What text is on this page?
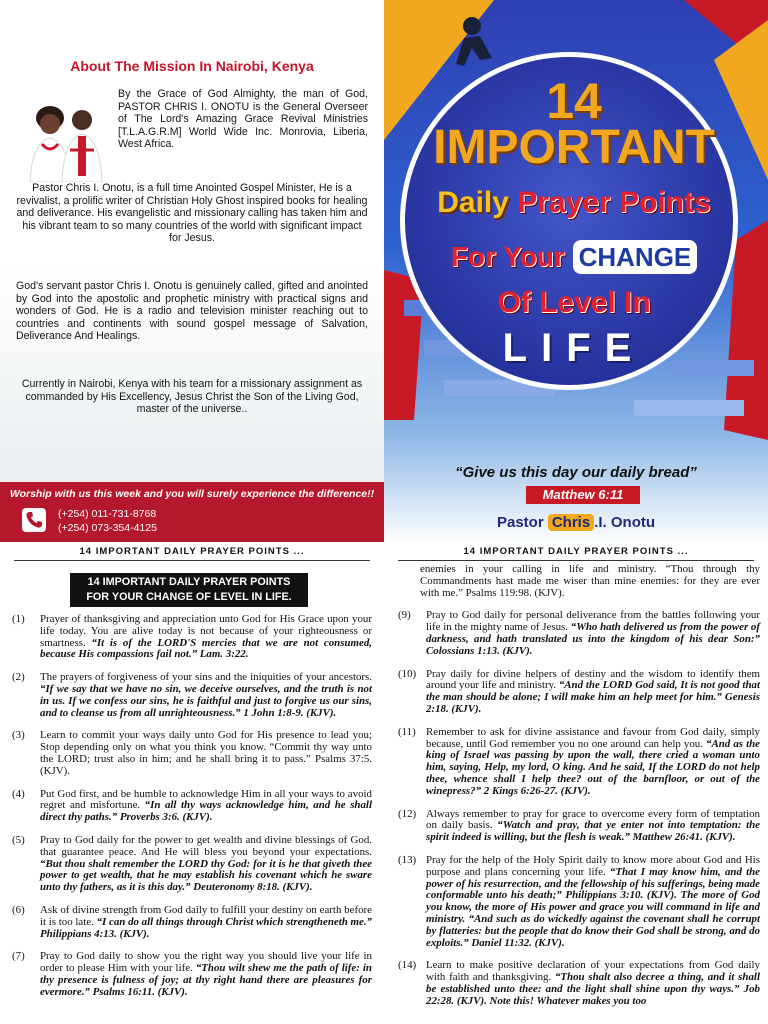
About The Mission In Nairobi, Kenya
By the Grace of God Almighty, the man of God, PASTOR CHRIS I. ONOTU is the General Overseer of The Lord's Amazing Grace Revival Ministries [T.L.A.G.R.M] World Wide Inc. Monrovia, Liberia, West Africa.
Pastor Chris I. Onotu, is a full time Anointed Gospel Minister, He is a revivalist, a prolific writer of Christian Holy Ghost inspired books for healing and deliverance. His evangelistic and missionary calling has taken him and his vibrant team to so many countries of the world with significant impact for Jesus.
God's servant pastor Chris I. Onotu is genuinely called, gifted and anointed by God into the apostolic and prophetic ministry with practical signs and wonders of God. He is a radio and television minister reaching out to countries and continents with sound gospel message of Salvation, Deliverance And Healings.
Currently in Nairobi, Kenya with his team for a missionary assignment as commanded by His Excellency, Jesus Christ the Son of the Living God, master of the universe..
Worship with us this week and you will surely experience the difference!!
(+254) 011-731-8768
(+254) 073-354-4125
14
IMPORTANT
Daily Prayer Points
For Your CHANGE
Of Level In
LIFE
“Give us this day our daily bread”
Matthew 6:11
Pastor Chris .I. Onotu
14 IMPORTANT DAILY PRAYER POINTS ...	14 IMPORTANT DAILY PRAYER POINTS ...
14 IMPORTANT DAILY PRAYER POINTS
FOR YOUR CHANGE OF LEVEL IN LIFE.
(1)	Prayer of thanksgiving and appreciation unto God for His Grace upon your life today. You are alive today is not because of your righteousness or smartness. “It is of the LORD'S mercies that we are not consumed, because His compassions fail not.” Lam. 3:22.
(2)	The prayers of forgiveness of your sins and the iniquities of your ancestors. “If we say that we have no sin, we deceive ourselves, and the truth is not in us. If we confess our sins, he is faithful and just to forgive us our sins, and to cleanse us from all unrighteousness.” 1 John 1:8-9. (KJV).
(3)	Learn to commit your ways daily unto God for His presence to lead you; Stop depending only on what you think you know. “Commit thy way unto the LORD; trust also in him; and he shall bring it to pass.” Psalms 37:5. (KJV).
(4)	Put God first, and be humble to acknowledge Him in all your ways to avoid regret and misfortune. “In all thy ways acknowledge him, and he shall direct thy paths.” Proverbs 3:6. (KJV).
(5)	Pray to God daily for the power to get wealth and divine blessings of God. that guarantee peace. And He will bless you beyond your expectations. “But thou shalt remember the LORD thy God: for it is he that giveth thee power to get wealth, that he may establish his covenant which he sware unto thy fathers, as it is this day.” Deuteronomy 8:18. (KJV).
(6)	Ask of divine strength from God daily to fulfill your destiny on earth before it is too late. “I can do all things through Christ which strengtheneth me.” Philippians 4:13. (KJV).
(7)	Pray to God daily to show you the right way you should live your life in order to please Him with your life. “Thou wilt shew me the path of life: in thy presence is fulness of joy; at thy right hand there are pleasures for evermore.” Psalms 16:11. (KJV).
enemies in your calling in life and ministry. “Thou through thy Commandments hast made me wiser than mine enemies: for they are ever with me.” Psalms 119:98. (KJV).
(9)	Pray to God daily for personal deliverance from the battles following your life in the mighty name of Jesus. “Who hath delivered us from the power of darkness, and hath translated us into the kingdom of his dear Son:” Colossians 1:13. (KJV).
(10) Pray daily for divine helpers of destiny and the wisdom to identify them around your life and ministry. “And the LORD God said, It is not good that the man should be alone; I will make him an help meet for him.” Genesis 2:18. (KJV).
(11) Remember to ask for divine assistance and favour from God daily, simply because, until God remember you no one around can help you. “And as the king of Israel was passing by upon the wall, there cried a woman unto him, saying, Help, my lord, O king. And he said, If the LORD do not help thee, whence shall I help thee? out of the barnfloor, or out of the winepress?” 2 Kings 6:26-27. (KJV).
(12) Always remember to pray for grace to overcome every form of temptation on daily basis. “Watch and pray, that ye enter not into temptation: the spirit indeed is willing, but the flesh is weak.” Matthew 26:41. (KJV).
(13) Pray for the help of the Holy Spirit daily to know more about God and His purpose and plans concerning your life. “That I may know him, and the power of his resurrection, and the fellowship of his sufferings, being made conformable unto his death;” Philippians 3:10. (KJV). The more of God you know, the more of His power and grace you will command in life and ministry. “And such as do wickedly against the covenant shall he corrupt by flatteries: but the people that do know their God shall be strong, and do exploits.” Daniel 11:32. (KJV).
(14) Learn to make positive declaration of your expectations from God daily with faith and thanksgiving. “Thou shalt also decree a thing, and it shall be established unto thee: and the light shall shine upon thy ways.” Job 22:28. (KJV). Note this! Whatever makes you too
